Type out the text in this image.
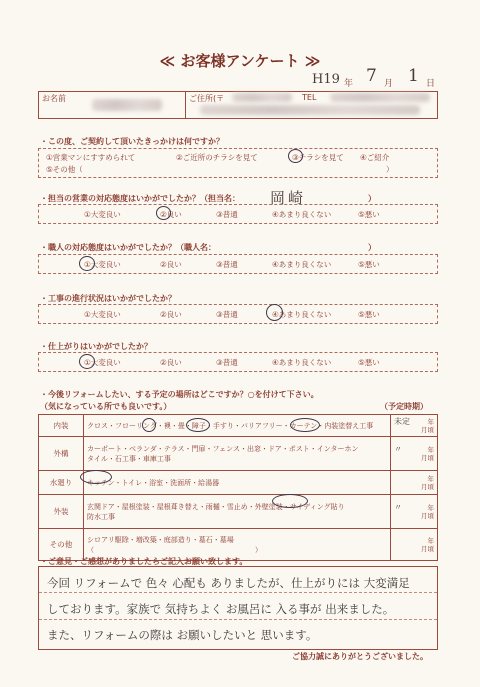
≪ お客様アンケート ≫
H19 年 7 月 1 日
お名前	ご住所(〒	TEL
・この度、ご契約して頂いたきっかけは何ですか？
①営業マンにすすめられて	②ご近所のチラシを見て	③チラシを見て ④ご紹介
⑤その他（	）
・担当の営業の対応態度はいかがでしたか？（担当名： 岡崎	）
①大変良い	②良い	③普通	④あまり良くない	⑤悪い
・職人の対応態度はいかがでしたか？（職人名：	）
①大変良い	②良い	③普通	④あまり良くない	⑤悪い
・工事の進行状況はいかがでしたか？
①大変良い	②良い	③普通	④あまり良くない	⑤悪い
・仕上がりはいかがでしたか？
①大変良い	②良い	③普通	④あまり良くない	⑤悪い
・今後リフォームしたい、する予定の場所はどこですか？○を付けて下さい。
（気になっている所でも良いです。）	（予定時期）
内装	クロス・フローリング・襖・畳・障子・手すり・バリアフリー・カーテン・内装塗替え工事	未定 年
月頃
外構	カーポート・ベランダ・テラス・門扉・フェンス・出窓・ドア・ポスト・インターホン
タイル・石工事・車庫工事	〃 年
月頃
水廻り	キッチン・トイレ・浴室・洗面所・給湯器	年
月頃
外装	玄関ドア・屋根塗装・屋根葺き替え・雨樋・雪止め・外壁塗装・サイディング貼り
防水工事	〃 年
月頃
その他	シロアリ駆除・増改築・庭部造り・墓石・墓場
（　　　　　　　　　　　　　　　　　　　　　　　）	年
月頃
・ご意見・ご感想がありましたらご記入お願い致します。
今回 リフォームで 色々 心配も ありましたが、仕上がりには 大変満足
しております。家族で 気持ちよく お風呂に 入る事が 出来ました。
また、リフォームの際は お願いしたいと 思います。
ご協力誠にありがとうございました。
